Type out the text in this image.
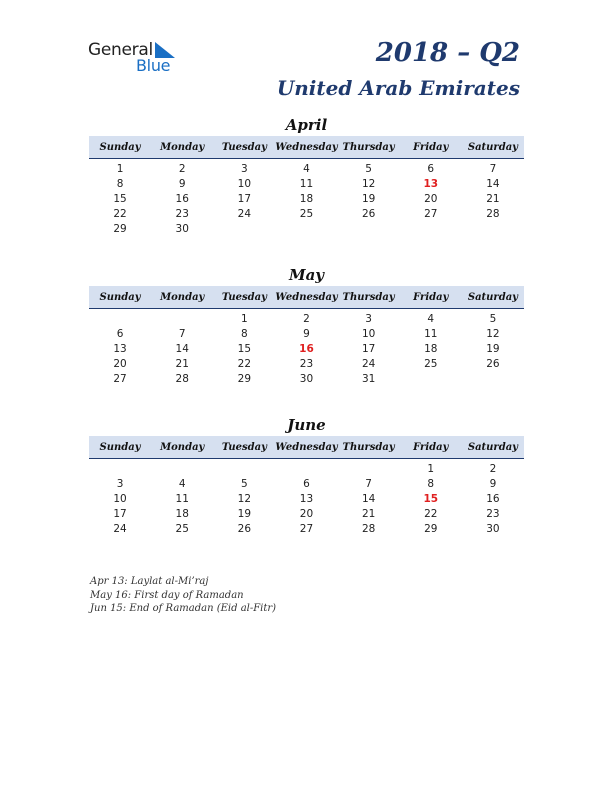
General
Blue	2018 – Q2
United Arab Emirates
April
Sunday	Monday	Tuesday	Wednesday	Thursday	Friday	Saturday

1	2	3	4	5	6	7
8	9	10	11	12	13	14
15	16	17	18	19	20	21
22	23	24	25	26	27	28
29	30					
May
Sunday	Monday	Tuesday	Wednesday	Thursday	Friday	Saturday

		1	2	3	4	5
6	7	8	9	10	11	12
13	14	15	16	17	18	19
20	21	22	23	24	25	26
27	28	29	30	31		
June
Sunday	Monday	Tuesday	Wednesday	Thursday	Friday	Saturday

					1	2
3	4	5	6	7	8	9
10	11	12	13	14	15	16
17	18	19	20	21	22	23
24	25	26	27	28	29	30
Apr 13: Laylat al-Mi’raj
May 16: First day of Ramadan
Jun 15: End of Ramadan (Eid al-Fitr)
